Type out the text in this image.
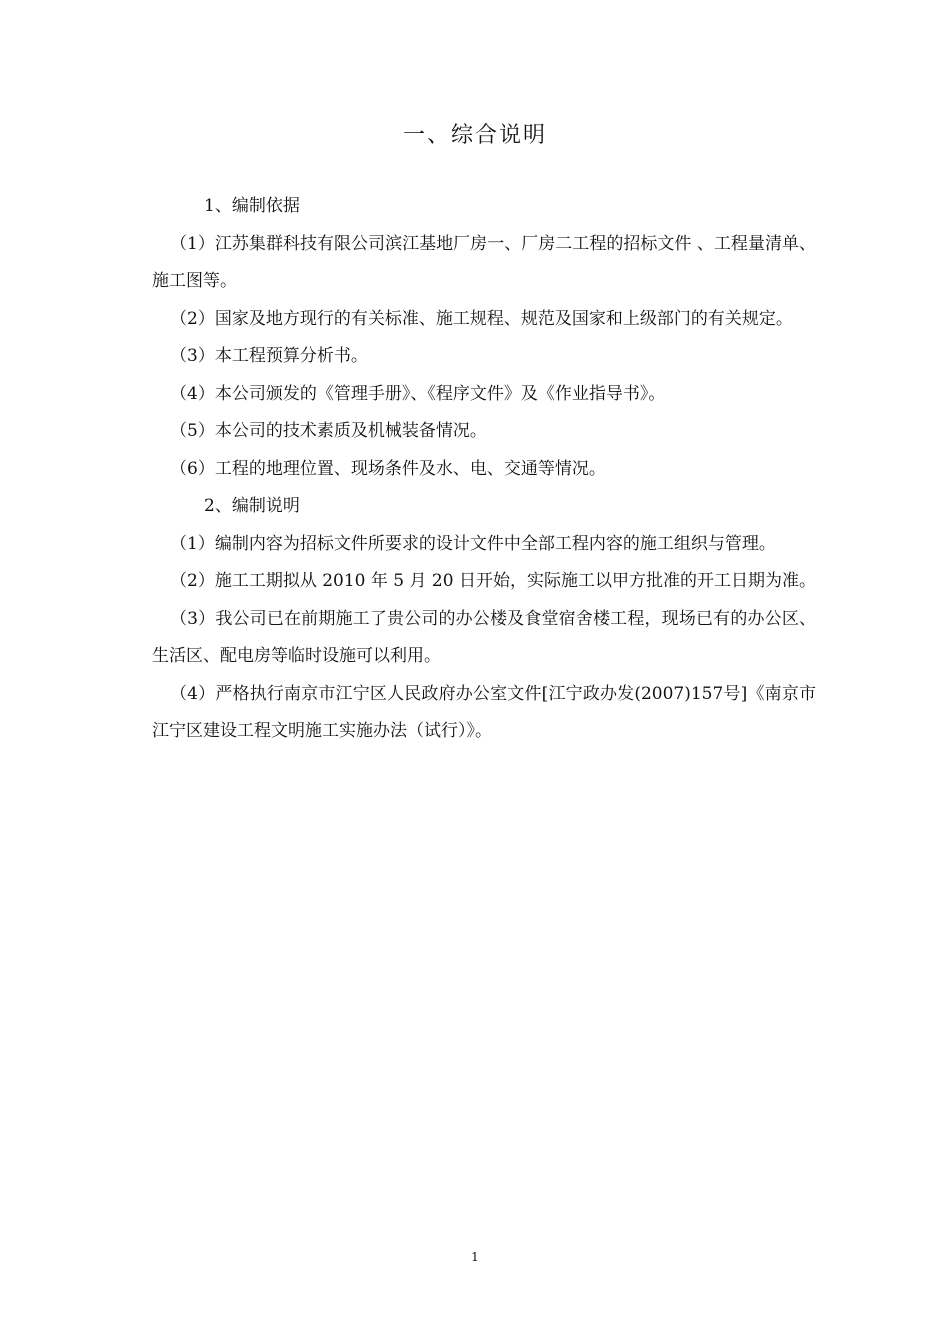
一、综合说明

1、编制依据

（1）江苏集群科技有限公司滨江基地厂房一、厂房二工程的招标文件 、工程量清单、施工图等。

（2）国家及地方现行的有关标准、施工规程、规范及国家和上级部门的有关规定。

（3）本工程预算分析书。

（4）本公司颁发的《管理手册》、《程序文件》及《作业指导书》。

（5）本公司的技术素质及机械装备情况。

（6）工程的地理位置、现场条件及水、电、交通等情况。

2、编制说明

（1）编制内容为招标文件所要求的设计文件中全部工程内容的施工组织与管理。

（2）施工工期拟从 2010 年 5 月 20 日开始，实际施工以甲方批准的开工日期为准。

（3）我公司已在前期施工了贵公司的办公楼及食堂宿舍楼工程，现场已有的办公区、生活区、配电房等临时设施可以利用。

（4）严格执行南京市江宁区人民政府办公室文件[江宁政办发(2007)157号]《南京市江宁区建设工程文明施工实施办法（试行）》。

1
